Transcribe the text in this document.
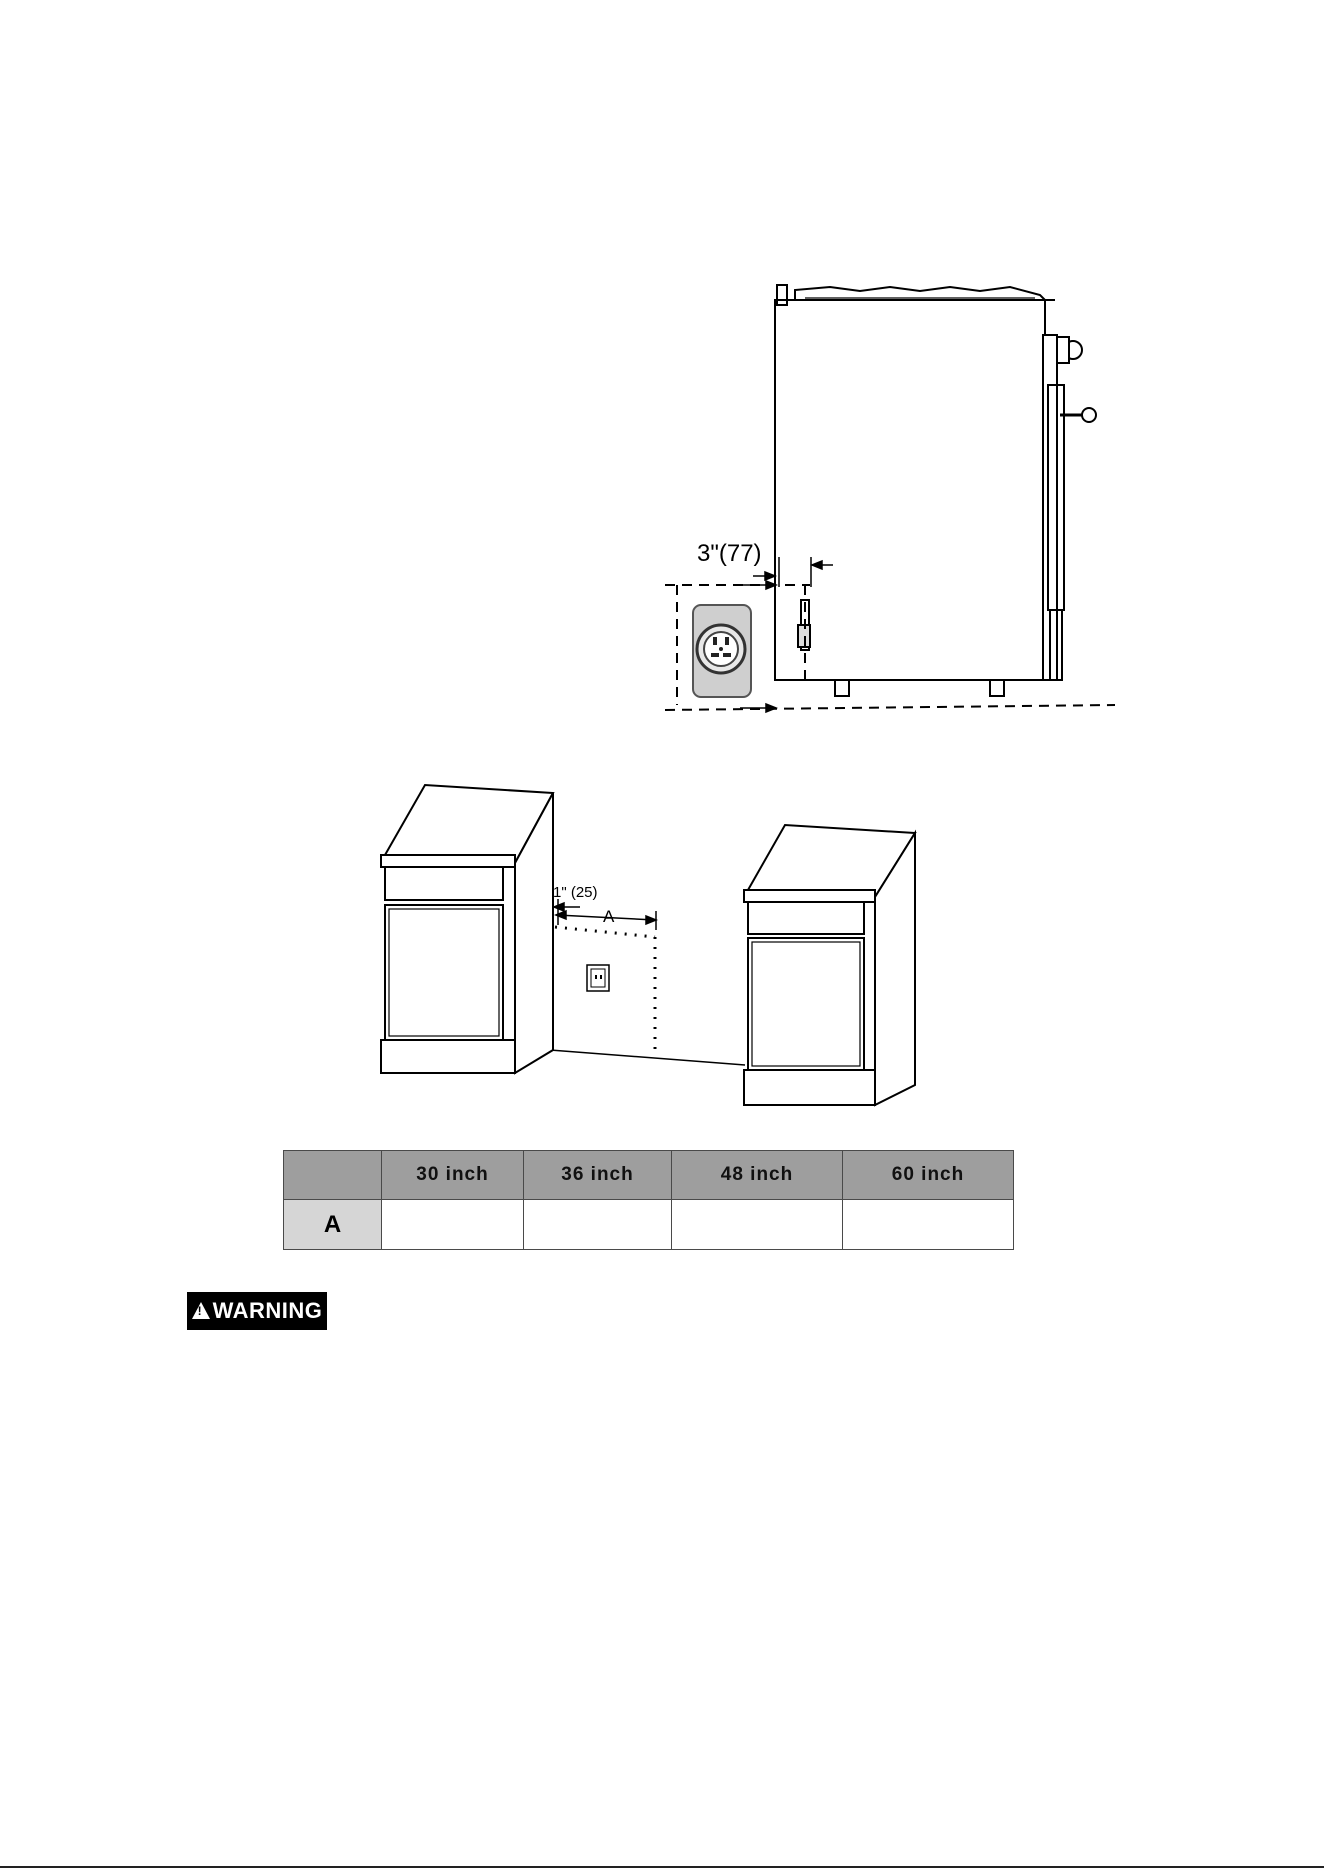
3"(77)
1" (25)
A
	30 inch	36 inch	48 inch	60 inch
A				
!
WARNING
